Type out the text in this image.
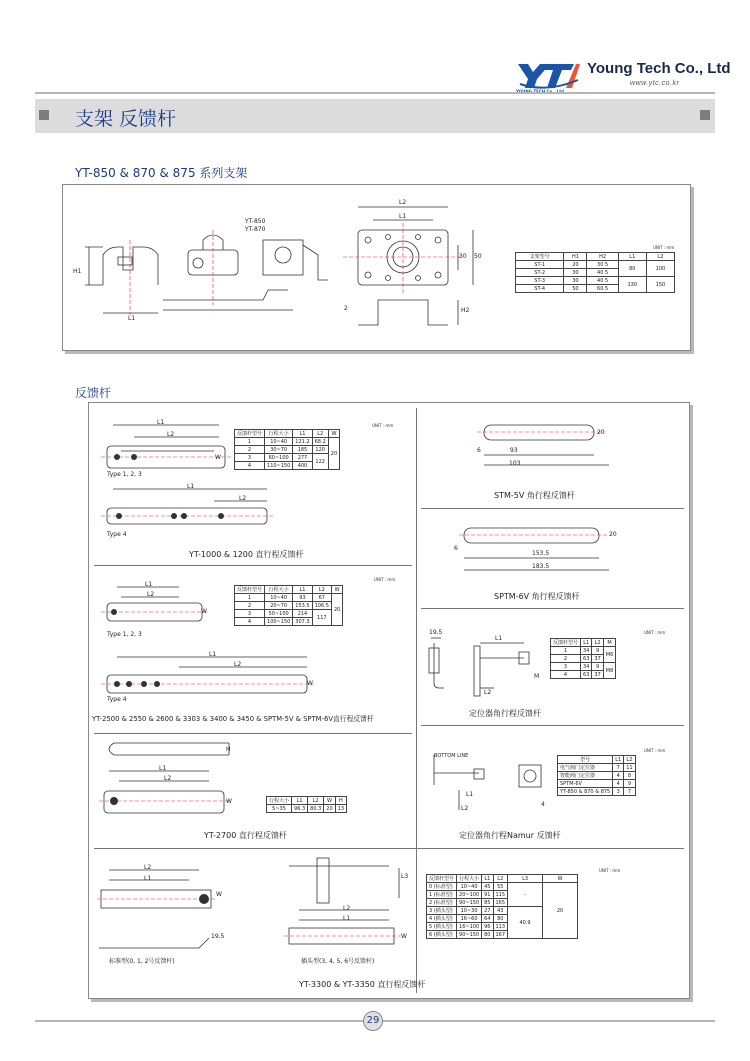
Young Tech Co., Ltd
www.ytc.co.kr
支架 反馈杆
YT-850 & 870 & 875 系列支架
H1
L1
YT-850
YT-870
L2
L1
30 50
2	H2
UNIT : mm
支架型号	H1	H2	L1	L2
ST-1	20	30.5	80	100
ST-2	30	40.5		
ST-3	30	40.5	130	150
ST-4	50	60.5		
反馈杆
L1
L2
W
L1
L2
Type 1, 2, 3
Type 4
UNIT : mm
反馈杆型号	行程大小	L1	L2	W
1	10~40	121.2	68.2	20
2	30~70	185	120	
3	60~100	277	122	
4	110~150	400		
YT-1000 & 1200 直行程反馈杆
L1
L2
W
L1
L2
W
Type 1, 2, 3
Type 4
UNIT : mm
反馈杆型号	行程大小	L1	L2	W
1	10~40	93	67	20
2	20~70	153.5	106.5	
3	50~100	214	117	
4	100~150	307.3		
YT-2500 & 2550 & 2600 & 3303 & 3400 & 3450 & SPTM-5V & SPTM-6V直行程反馈杆
H
L1
L2
W	行程大小	L1	L2	W	H
5~35	96.3	80.3	20	13
YT-2700 直行程反馈杆
93
103
6
20
STM-5V 角行程反馈杆
153.5
183.5
6
20
SPTM-6V 角行程反馈杆
19.5
L1
L2
M
UNIT : mm
反馈杆型号	L1	L2	M
1	34	9	M6
2	63	37	
3	34	9	M8
4	63	37	
定位器角行程反馈杆
BOTTOM LINE
L1
L2
4
UNIT : mm
型号	L1	L2
电气阀门定位器	7	11
智能阀门定位器	4	8
SPTM-6V	4	9
YT-850 & 870 & 875	3	7
定位器角行程Namur 反馈杆
L2
L1
W
19.5
L2
L1
L3
W
标准型(0, 1, 2号反馈杆)	插头型(3, 4, 5, 6号反馈杆)
UNIT : mm
反馈杆型号	行程大小	L1	L2	L3	W
0 (标准型)	10~40	45	55	-	20
1 (标准型)	20~100	91	115		
2 (标准型)	90~150	85	165		
3 (插头型)	10~30	27	43	40.9	
4 (插头型)	16~60	64	80		
5 (插头型)	16~100	96	113		
6 (插头型)	90~150	80	167		
YT-3300 & YT-3350 直行程反馈杆
29
